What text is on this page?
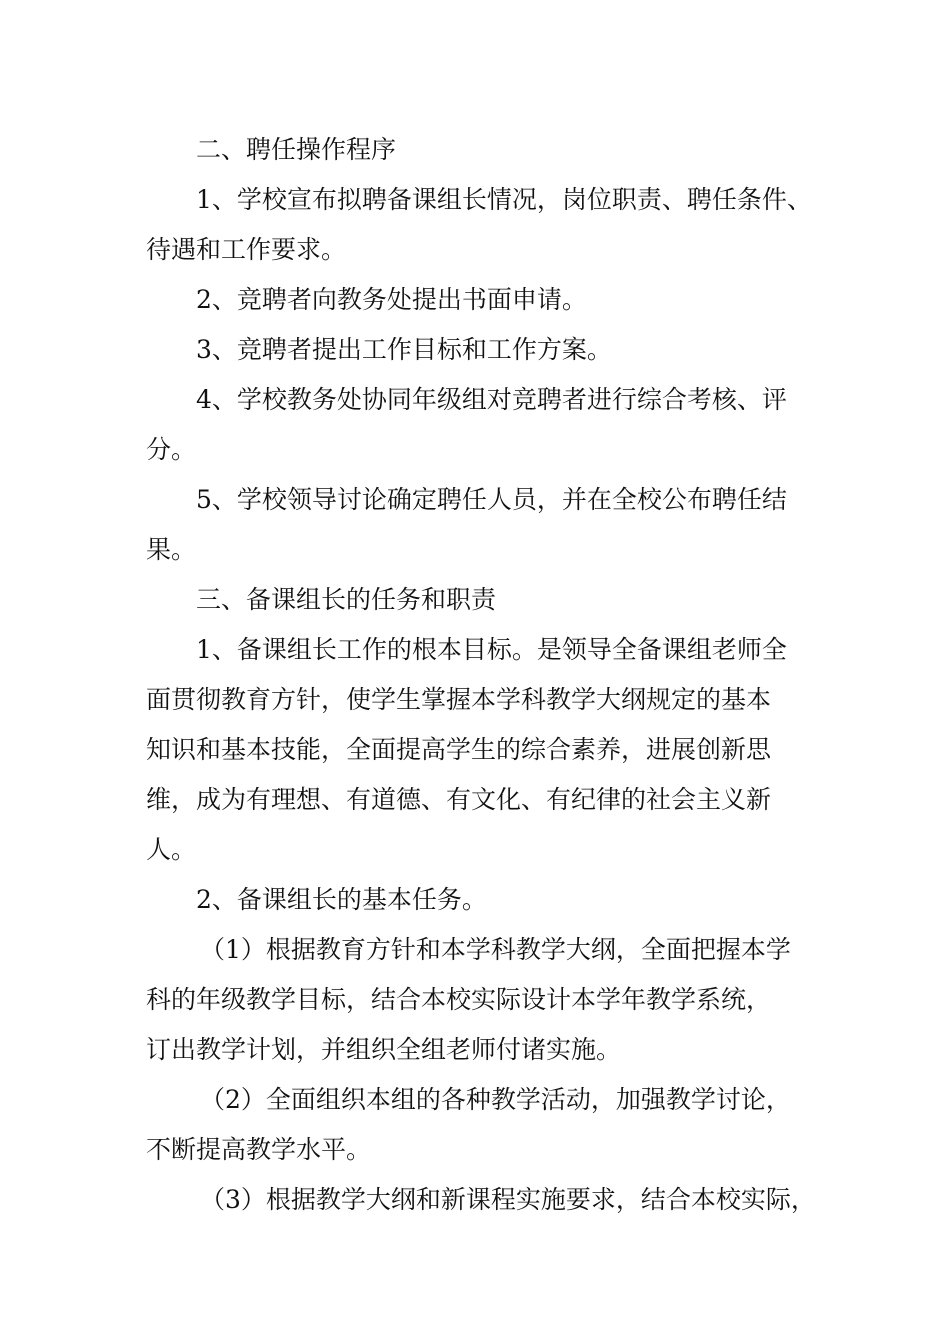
二、聘任操作程序

1、学校宣布拟聘备课组长情况，岗位职责、聘任条件、
待遇和工作要求。

2、竞聘者向教务处提出书面申请。

3、竞聘者提出工作目标和工作方案。

4、学校教务处协同年级组对竞聘者进行综合考核、评
分。

5、学校领导讨论确定聘任人员，并在全校公布聘任结
果。

三、备课组长的任务和职责

1、备课组长工作的根本目标。是领导全备课组老师全
面贯彻教育方针，使学生掌握本学科教学大纲规定的基本
知识和基本技能，全面提高学生的综合素养，进展创新思
维，成为有理想、有道德、有文化、有纪律的社会主义新
人。

2、备课组长的基本任务。

（1）根据教育方针和本学科教学大纲，全面把握本学
科的年级教学目标，结合本校实际设计本学年教学系统，
订出教学计划，并组织全组老师付诸实施。

（2）全面组织本组的各种教学活动，加强教学讨论，
不断提高教学水平。

（3）根据教学大纲和新课程实施要求，结合本校实际，
